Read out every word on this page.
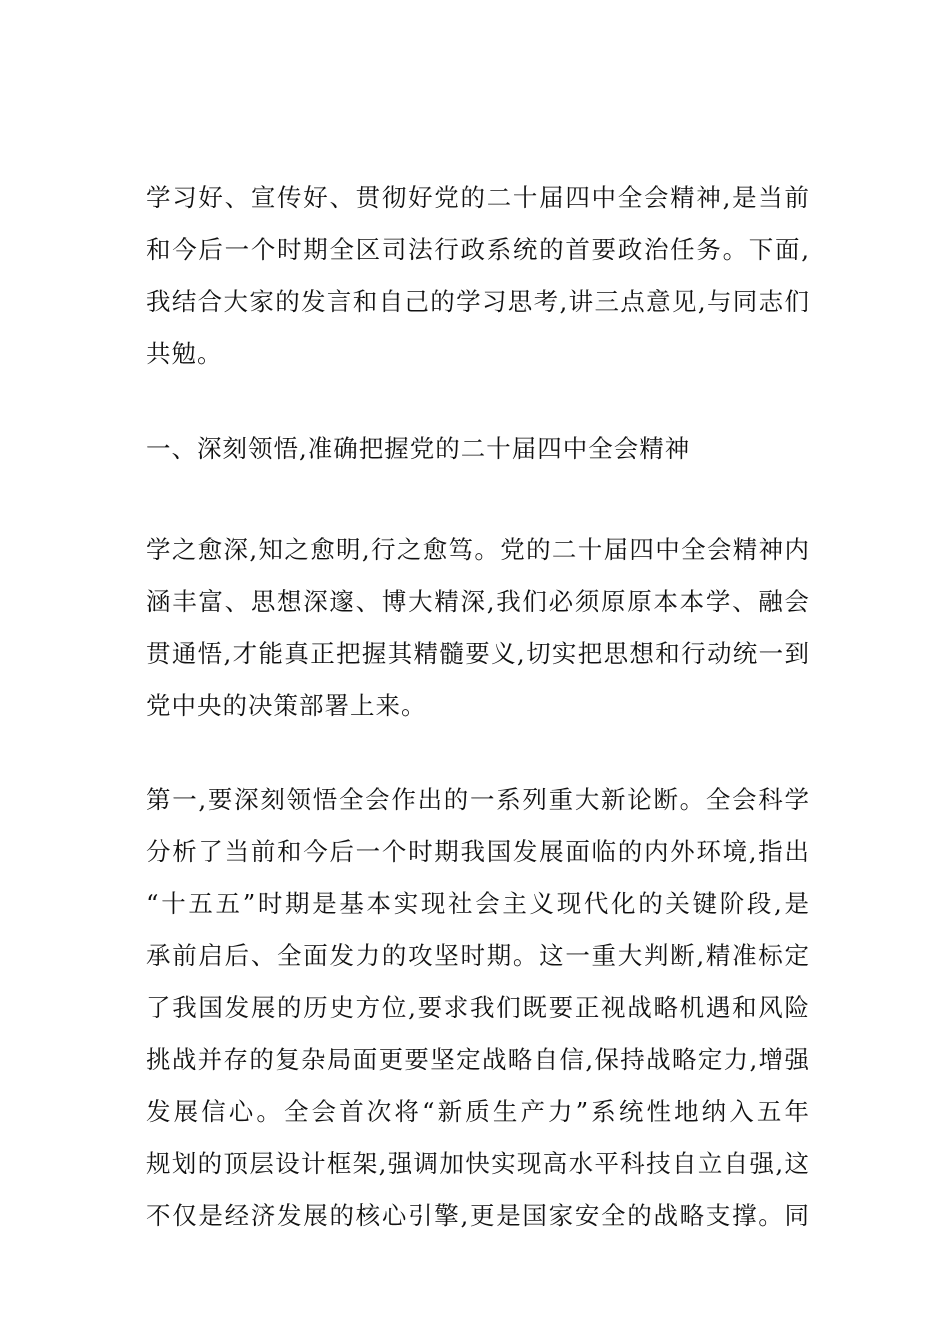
学习好、宣传好、贯彻好党的二十届四中全会精神,是当前
和今后一个时期全区司法行政系统的首要政治任务。下面,
我结合大家的发言和自己的学习思考,讲三点意见,与同志们
共勉。
一、深刻领悟,准确把握党的二十届四中全会精神
学之愈深,知之愈明,行之愈笃。党的二十届四中全会精神内
涵丰富、思想深邃、博大精深,我们必须原原本本学、融会
贯通悟,才能真正把握其精髓要义,切实把思想和行动统一到
党中央的决策部署上来。
第一,要深刻领悟全会作出的一系列重大新论断。全会科学
分析了当前和今后一个时期我国发展面临的内外环境,指出
“十五五”时期是基本实现社会主义现代化的关键阶段,是
承前启后、全面发力的攻坚时期。这一重大判断,精准标定
了我国发展的历史方位,要求我们既要正视战略机遇和风险
挑战并存的复杂局面更要坚定战略自信,保持战略定力,增强
发展信心。全会首次将“新质生产力”系统性地纳入五年
规划的顶层设计框架,强调加快实现高水平科技自立自强,这
不仅是经济发展的核心引擎,更是国家安全的战略支撑。同
